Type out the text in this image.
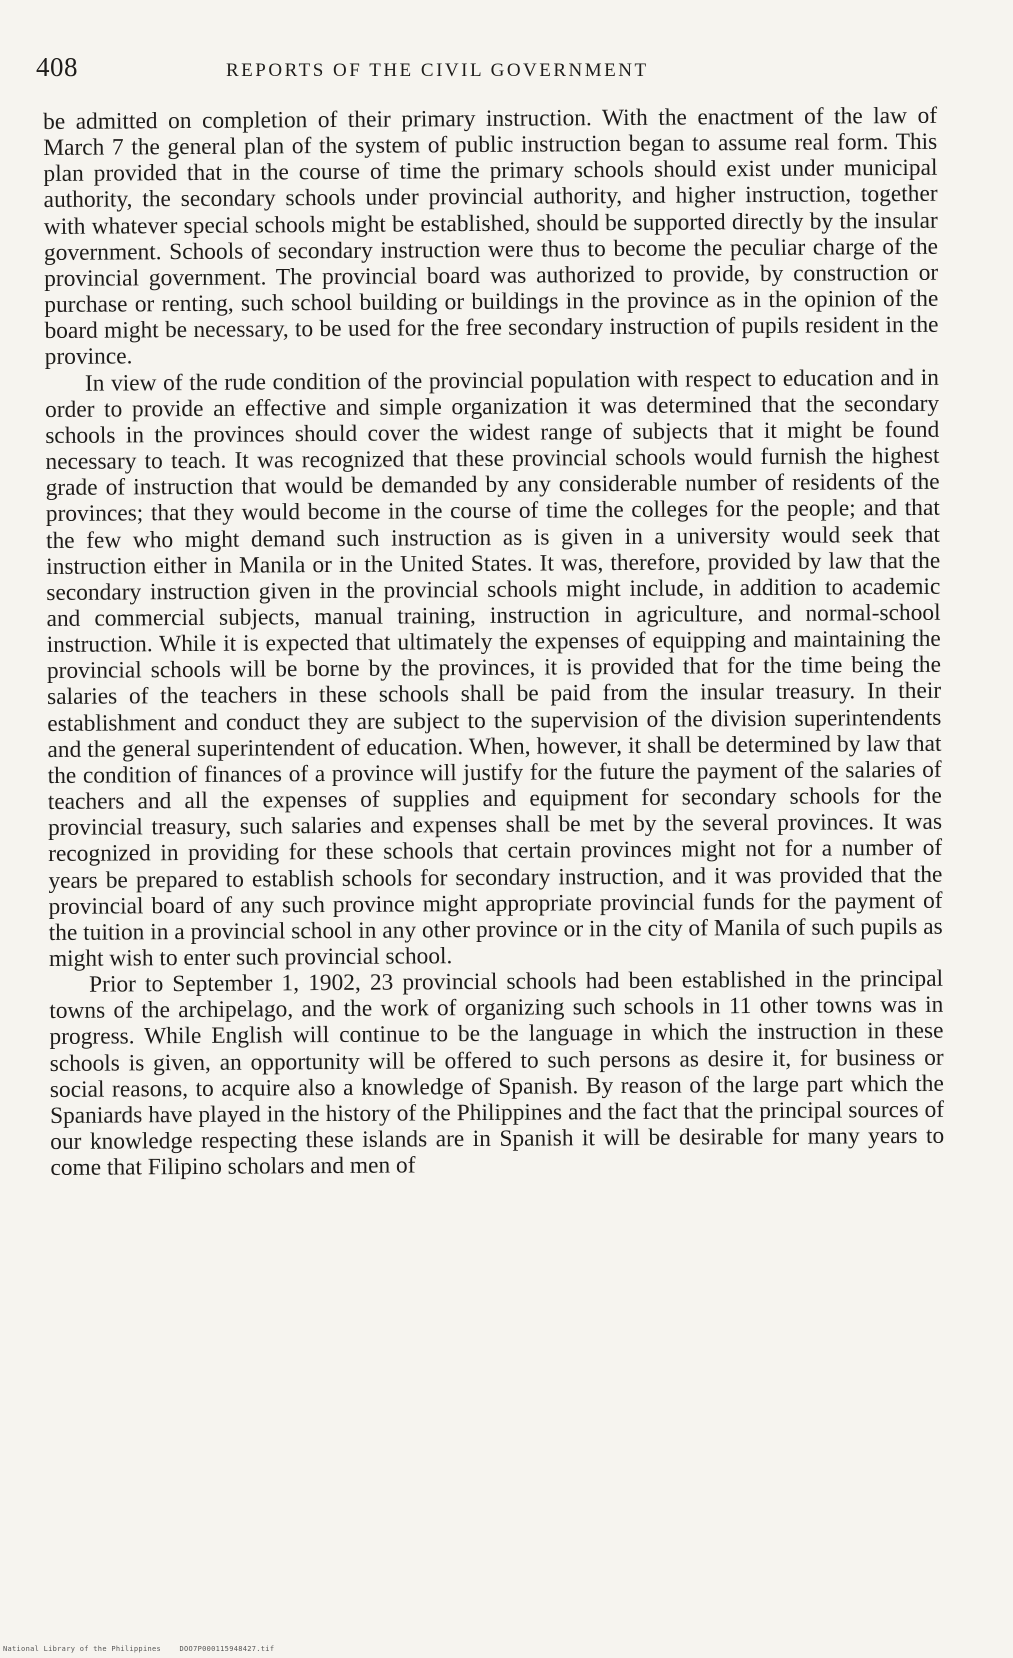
408	REPORTS OF THE CIVIL GOVERNMENT

be admitted on completion of their primary instruction. With the enactment of the law of March 7 the general plan of the system of public instruction began to assume real form. This plan provided that in the course of time the primary schools should exist under municipal authority, the secondary schools under provincial authority, and higher instruction, together with whatever special schools might be established, should be supported directly by the insular government. Schools of secondary instruction were thus to become the peculiar charge of the provincial government. The provincial board was authorized to provide, by construction or purchase or renting, such school building or buildings in the province as in the opinion of the board might be necessary, to be used for the free secondary instruction of pupils resident in the province.

In view of the rude condition of the provincial population with respect to education and in order to provide an effective and simple organization it was determined that the secondary schools in the provinces should cover the widest range of subjects that it might be found necessary to teach. It was recognized that these provincial schools would furnish the highest grade of instruction that would be demanded by any considerable number of residents of the provinces; that they would become in the course of time the colleges for the people; and that the few who might demand such instruction as is given in a university would seek that instruction either in Manila or in the United States. It was, therefore, provided by law that the secondary instruction given in the provincial schools might include, in addition to academic and commercial subjects, manual training, instruction in agriculture, and normal-school instruction. While it is expected that ultimately the expenses of equipping and maintaining the provincial schools will be borne by the provinces, it is provided that for the time being the salaries of the teachers in these schools shall be paid from the insular treasury. In their establishment and conduct they are subject to the supervision of the division superintendents and the general superintendent of education. When, however, it shall be determined by law that the condition of finances of a province will justify for the future the payment of the salaries of teachers and all the expenses of supplies and equipment for secondary schools for the provincial treasury, such salaries and expenses shall be met by the several provinces. It was recognized in providing for these schools that certain provinces might not for a number of years be prepared to establish schools for secondary instruction, and it was provided that the provincial board of any such province might appropriate provincial funds for the payment of the tuition in a provincial school in any other province or in the city of Manila of such pupils as might wish to enter such provincial school.

Prior to September 1, 1902, 23 provincial schools had been established in the principal towns of the archipelago, and the work of organizing such schools in 11 other towns was in progress. While English will continue to be the language in which the instruction in these schools is given, an opportunity will be offered to such persons as desire it, for business or social reasons, to acquire also a knowledge of Spanish. By reason of the large part which the Spaniards have played in the history of the Philippines and the fact that the principal sources of our knowledge respecting these islands are in Spanish it will be desirable for many years to come that Filipino scholars and men of

National Library of the Philippines	DOO7P000115948427.tif
